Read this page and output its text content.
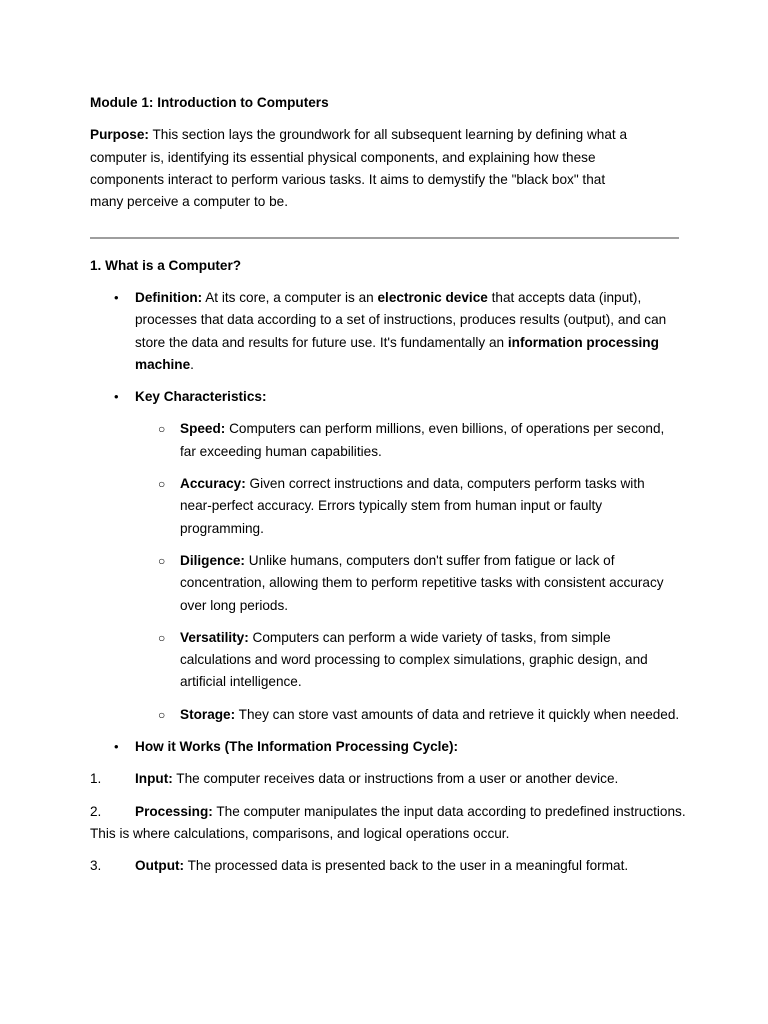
Module 1: Introduction to Computers

Purpose: This section lays the groundwork for all subsequent learning by defining what a computer is, identifying its essential physical components, and explaining how these components interact to perform various tasks. It aims to demystify the "black box" that many perceive a computer to be.

1. What is a Computer?

• Definition: At its core, a computer is an electronic device that accepts data (input), processes that data according to a set of instructions, produces results (output), and can store the data and results for future use. It's fundamentally an information processing machine.
• Key Characteristics:
○ Speed: Computers can perform millions, even billions, of operations per second, far exceeding human capabilities.
○ Accuracy: Given correct instructions and data, computers perform tasks with near-perfect accuracy. Errors typically stem from human input or faulty programming.
○ Diligence: Unlike humans, computers don't suffer from fatigue or lack of concentration, allowing them to perform repetitive tasks with consistent accuracy over long periods.
○ Versatility: Computers can perform a wide variety of tasks, from simple calculations and word processing to complex simulations, graphic design, and artificial intelligence.
○ Storage: They can store vast amounts of data and retrieve it quickly when needed.
• How it Works (The Information Processing Cycle):

1. Input: The computer receives data or instructions from a user or another device.

2. Processing: The computer manipulates the input data according to predefined instructions. This is where calculations, comparisons, and logical operations occur.

3. Output: The processed data is presented back to the user in a meaningful format.
